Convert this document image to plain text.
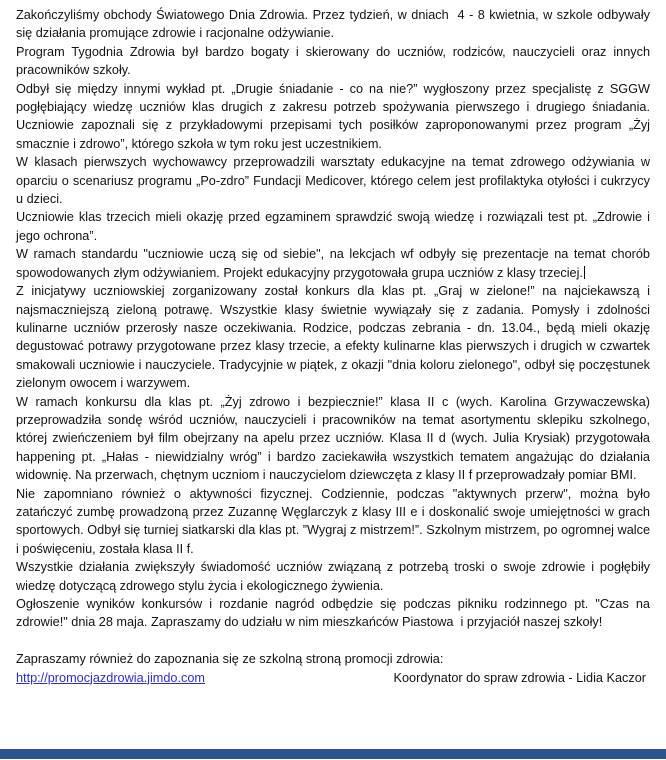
Zakończyliśmy obchody Światowego Dnia Zdrowia. Przez tydzień, w dniach  4 - 8 kwietnia, w szkole odbywały się działania promujące zdrowie i racjonalne odżywianie.

Program Tygodnia Zdrowia był bardzo bogaty i skierowany do uczniów, rodziców, nauczycieli oraz innych pracowników szkoły.

Odbył się między innymi wykład pt. „Drugie śniadanie - co na nie?” wygłoszony przez specjalistę z SGGW pogłębiający wiedzę uczniów klas drugich z zakresu potrzeb spożywania pierwszego i drugiego śniadania. Uczniowie zapoznali się z przykładowymi przepisami tych posiłków zaproponowanymi przez program „Żyj smacznie i zdrowo”, którego szkoła w tym roku jest uczestnikiem.

W klasach pierwszych wychowawcy przeprowadzili warsztaty edukacyjne na temat zdrowego odżywiania w oparciu o scenariusz programu „Po-zdro” Fundacji Medicover, którego celem jest profilaktyka otyłości i cukrzycy u dzieci.

Uczniowie klas trzecich mieli okazję przed egzaminem sprawdzić swoją wiedzę i rozwiązali test pt. „Zdrowie i jego ochrona”.

W ramach standardu "uczniowie uczą się od siebie", na lekcjach wf odbyły się prezentacje na temat chorób spowodowanych złym odżywianiem. Projekt edukacyjny przygotowała grupa uczniów z klasy trzeciej.

Z inicjatywy uczniowskiej zorganizowany został konkurs dla klas pt. „Graj w zielone!” na najciekawszą i najsmaczniejszą zieloną potrawę. Wszystkie klasy świetnie wywiązały się z zadania. Pomysły i zdolności kulinarne uczniów przerosły nasze oczekiwania. Rodzice, podczas zebrania - dn. 13.04., będą mieli okazję degustować potrawy przygotowane przez klasy trzecie, a efekty kulinarne klas pierwszych i drugich w czwartek smakowali uczniowie i nauczyciele. Tradycyjnie w piątek, z okazji "dnia koloru zielonego", odbył się poczęstunek zielonym owocem i warzywem.

W ramach konkursu dla klas pt. „Żyj zdrowo i bezpiecznie!” klasa II c (wych. Karolina Grzywaczewska) przeprowadziła sondę wśród uczniów, nauczycieli i pracowników na temat asortymentu sklepiku szkolnego, której zwieńczeniem był film obejrzany na apelu przez uczniów. Klasa II d (wych. Julia Krysiak) przygotowała happening pt. „Hałas - niewidzialny wróg” i bardzo zaciekawiła wszystkich tematem angażując do działania widownię. Na przerwach, chętnym uczniom i nauczycielom dziewczęta z klasy II f przeprowadzały pomiar BMI.

Nie zapomniano również o aktywności fizycznej. Codziennie, podczas "aktywnych przerw", można było zatańczyć zumbę prowadzoną przez Zuzannę Węglarczyk z klasy III e i doskonalić swoje umiejętności w grach sportowych. Odbył się turniej siatkarski dla klas pt. ”Wygraj z mistrzem!”. Szkolnym mistrzem, po ogromnej walce i poświęceniu, została klasa II f.

Wszystkie działania zwiększyły świadomość uczniów związaną z potrzebą troski o swoje zdrowie i pogłębiły wiedzę dotyczącą zdrowego stylu życia i ekologicznego żywienia.

Ogłoszenie wyników konkursów i rozdanie nagród odbędzie się podczas pikniku rodzinnego pt. "Czas na zdrowie!" dnia 28 maja. Zapraszamy do udziału w nim mieszkańców Piastowa  i przyjaciół naszej szkoły!

Zapraszamy również do zapoznania się ze szkolną stroną promocji zdrowia:

http://promocjazdrowia.jimdo.com	Koordynator do spraw zdrowia - Lidia Kaczor
